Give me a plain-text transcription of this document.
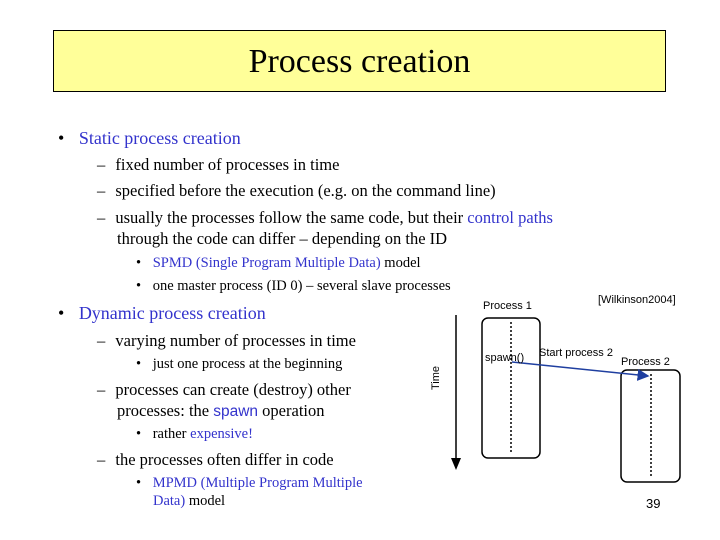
Process creation
• Static process creation
– fixed number of processes in time
– specified before the execution (e.g. on the command line)
– usually the processes follow the same code, but their control paths
through the code can differ – depending on the ID
• SPMD (Single Program Multiple Data) model
• one master process (ID 0) – several slave processes
• Dynamic process creation
– varying number of processes in time
• just one process at the beginning
– processes can create (destroy) other
processes: the spawn operation
• rather expensive!
– the processes often differ in code
• MPMD (Multiple Program Multiple
Data) model
[Wilkinson2004]
Process 1
Process 2
spawn() Start process 2
Time
39
